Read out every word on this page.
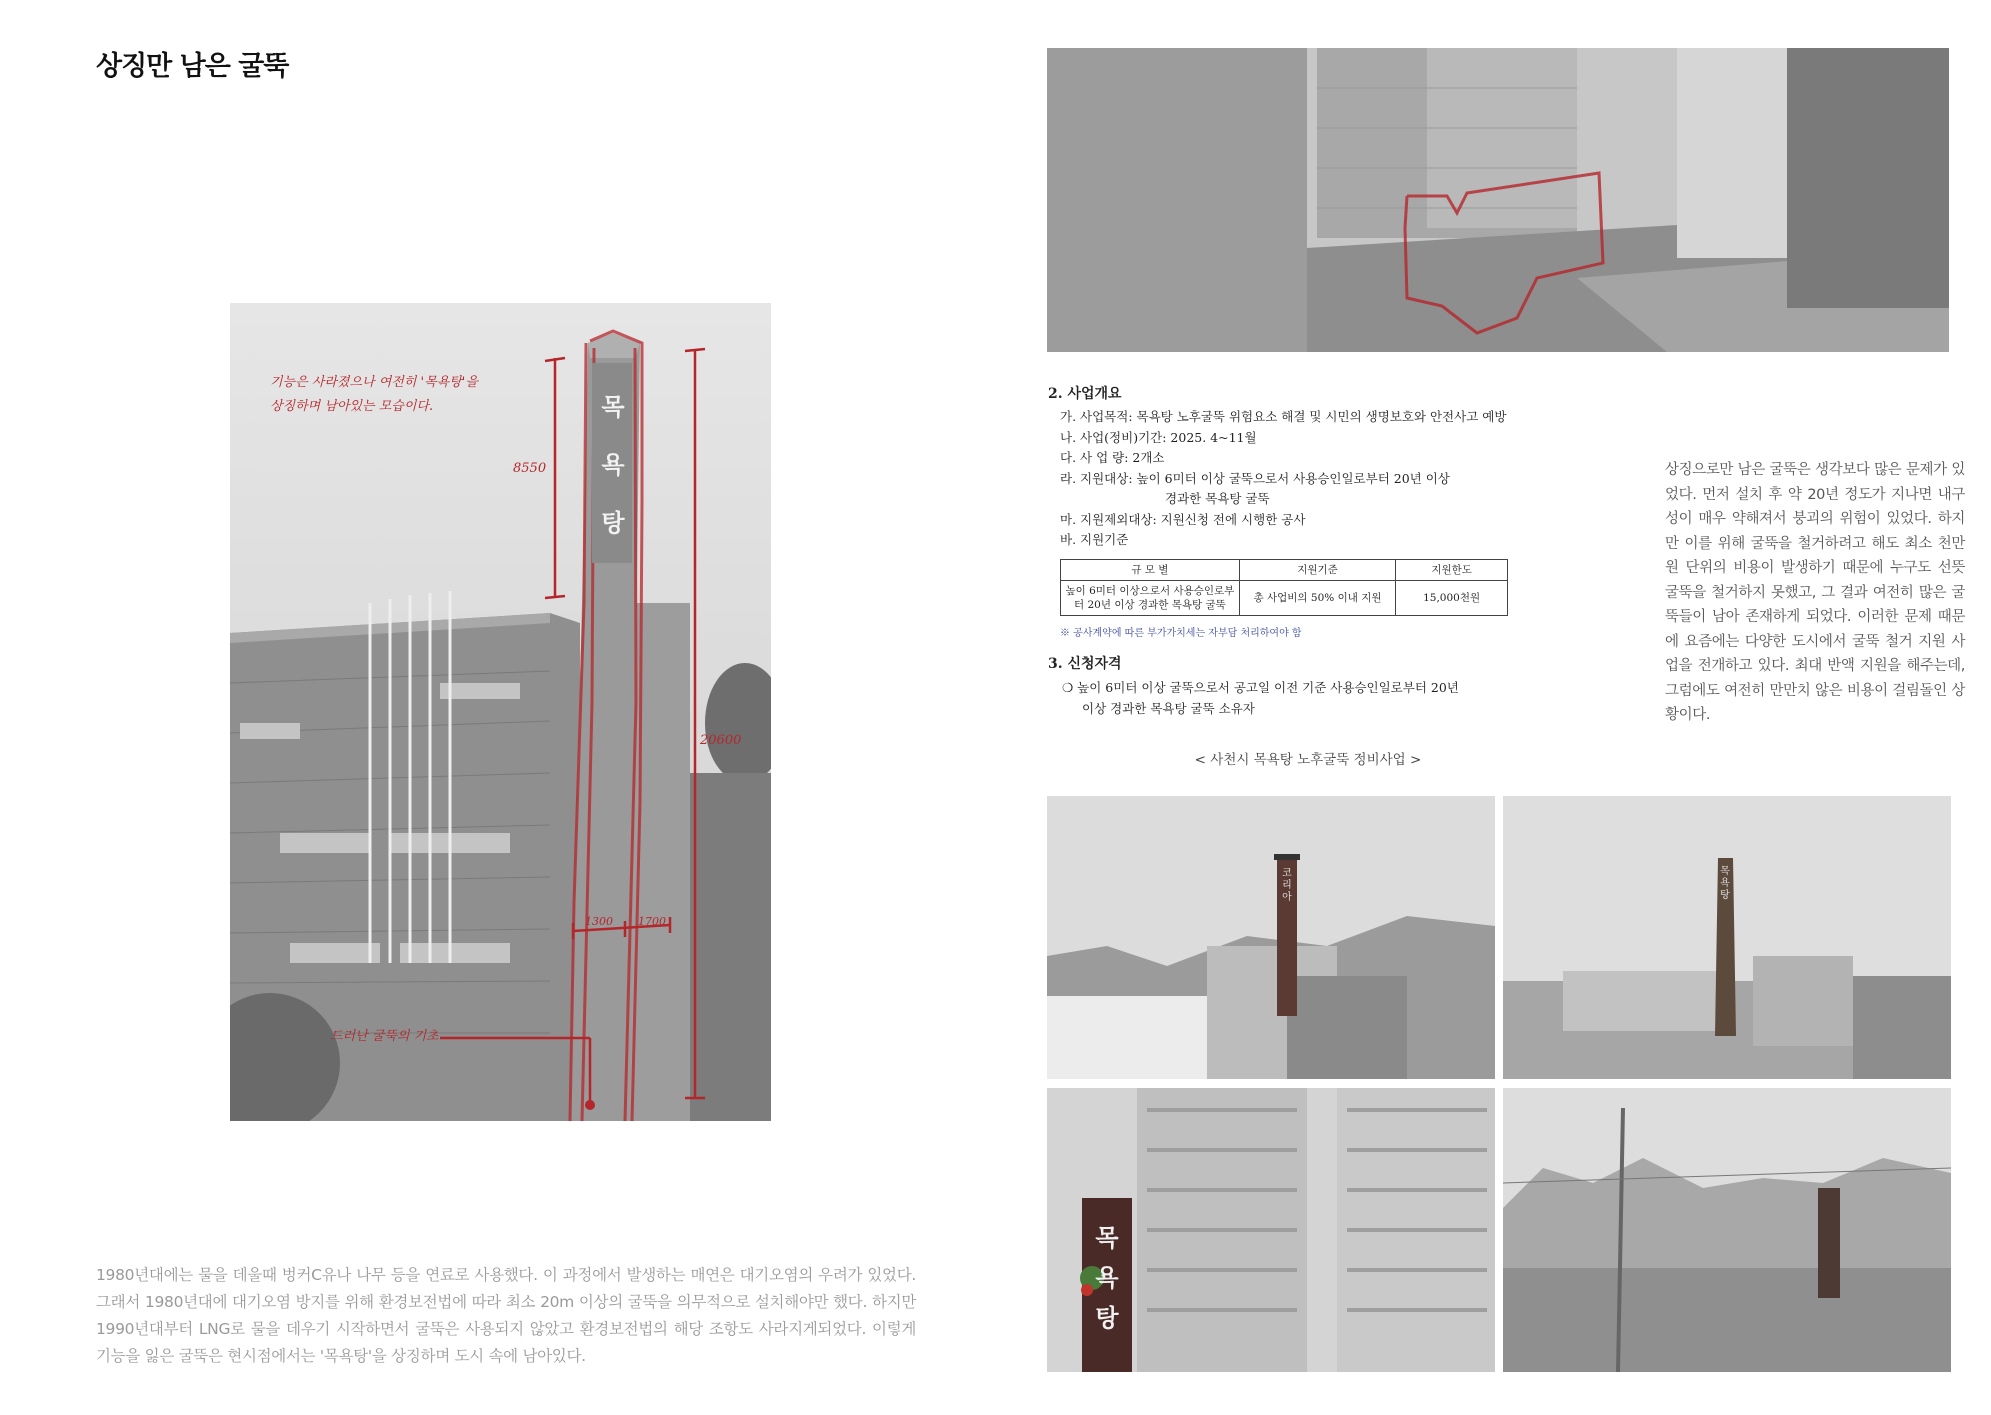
상징만 남은 굴뚝
목
욕
탕
기능은 사라졌으나 여전히 '목욕탕'을
상징하며 남아있는 모습이다.
8550
20600
1300 1700
드러난 굴뚝의 기초
1980년대에는 물을 데울때 벙커C유나 나무 등을 연료로 사용했다. 이 과정에서 발생하는 매연은 대기오염의 우려가 있었다. 그래서 1980년대에 대기오염 방지를 위해 환경보전법에 따라 최소 20m 이상의 굴뚝을 의무적으로 설치해야만 했다. 하지만 1990년대부터 LNG로 물을 데우기 시작하면서 굴뚝은 사용되지 않았고 환경보전법의 해당 조항도 사라지게되었다. 이렇게 기능을 잃은 굴뚝은 현시점에서는 '목욕탕'을 상징하며 도시 속에 남아있다.
2. 사업개요
가. 사업목적: 목욕탕 노후굴뚝 위험요소 해결 및 시민의 생명보호와 안전사고 예방
나. 사업(정비)기간: 2025. 4~11월
다. 사 업 량: 2개소
라. 지원대상: 높이 6미터 이상 굴뚝으로서 사용승인일로부터 20년 이상
경과한 목욕탕 굴뚝
마. 지원제외대상: 지원신청 전에 시행한 공사
바. 지원기준
규 모 별	지원기준	지원한도
높이 6미터 이상으로서 사용승인로부터 20년 이상 경과한 목욕탕 굴뚝	총 사업비의 50% 이내 지원	15,000천원
※ 공사계약에 따른 부가가치세는 자부담 처리하여야 함
3. 신청자격
❍ 높이 6미터 이상 굴뚝으로서 공고일 이전 기준 사용승인일로부터 20년
이상 경과한 목욕탕 굴뚝 소유자
< 사천시 목욕탕 노후굴뚝 정비사업 >
상징으로만 남은 굴뚝은 생각보다 많은 문제가 있었다. 먼저 설치 후 약 20년 정도가 지나면 내구성이 매우 약해져서 붕괴의 위험이 있었다. 하지만 이를 위해 굴뚝을 철거하려고 해도 최소 천만원 단위의 비용이 발생하기 때문에 누구도 선뜻 굴뚝을 철거하지 못했고, 그 결과 여전히 많은 굴뚝들이 남아 존재하게 되었다. 이러한 문제 때문에 요즘에는 다양한 도시에서 굴뚝 철거 지원 사업을 전개하고 있다. 최대 반액 지원을 해주는데, 그럼에도 여전히 만만치 않은 비용이 걸림돌인 상황이다.
코리아
목욕탕
목
욕
탕
